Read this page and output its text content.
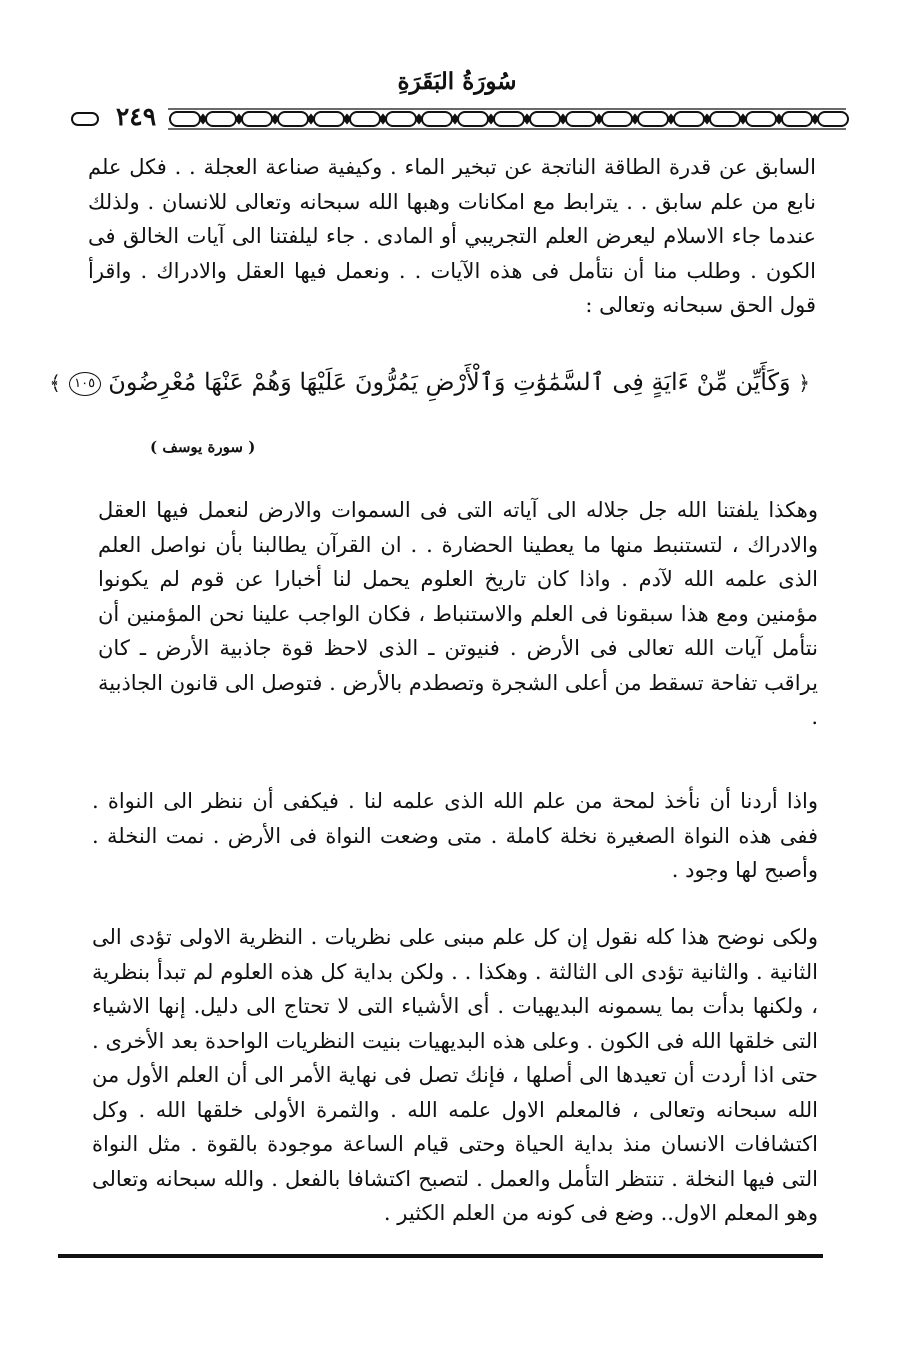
سُورَةُ البَقَرَةِ
٢٤٩

السابق عن قدرة الطاقة الناتجة عن تبخير الماء . وكيفية صناعة العجلة . . فكل علم نابع من علم سابق . . يترابط مع امكانات وهبها الله سبحانه وتعالى للانسان . ولذلك عندما جاء الاسلام ليعرض العلم التجريبي أو المادى . جاء ليلفتنا الى آيات الخالق فى الكون . وطلب منا أن نتأمل فى هذه الآيات . . ونعمل فيها العقل والادراك . واقرأ قول الحق سبحانه وتعالى :

﴿ وَكَأَيِّن مِّنْ ءَايَةٍ فِى ٱلسَّمَٰوَٰتِ وَٱلْأَرْضِ يَمُرُّونَ عَلَيْهَا وَهُمْ عَنْهَا مُعْرِضُونَ ١٠٥ ﴾
( سورة يوسف )

وهكذا يلفتنا الله جل جلاله الى آياته التى فى السموات والارض لنعمل فيها العقل والادراك ، لتستنبط منها ما يعطينا الحضارة . . ان القرآن يطالبنا بأن نواصل العلم الذى علمه الله لآدم . واذا كان تاريخ العلوم يحمل لنا أخبارا عن قوم لم يكونوا مؤمنين ومع هذا سبقونا فى العلم والاستنباط ، فكان الواجب علينا نحن المؤمنين أن نتأمل آيات الله تعالى فى الأرض . فنيوتن ـ الذى لاحظ قوة جاذبية الأرض ـ كان يراقب تفاحة تسقط من أعلى الشجرة وتصطدم بالأرض . فتوصل الى قانون الجاذبية .

واذا أردنا أن نأخذ لمحة من علم الله الذى علمه لنا . فيكفى أن ننظر الى النواة . ففى هذه النواة الصغيرة نخلة كاملة . متى وضعت النواة فى الأرض . نمت النخلة . وأصبح لها وجود .

ولكى نوضح هذا كله نقول إن كل علم مبنى على نظريات . النظرية الاولى تؤدى الى الثانية . والثانية تؤدى الى الثالثة . وهكذا . . ولكن بداية كل هذه العلوم لم تبدأ بنظرية ، ولكنها بدأت بما يسمونه البديهيات . أى الأشياء التى لا تحتاج الى دليل. إنها الاشياء التى خلقها الله فى الكون . وعلى هذه البديهيات بنيت النظريات الواحدة بعد الأخرى . حتى اذا أردت أن تعيدها الى أصلها ، فإنك تصل فى نهاية الأمر الى أن العلم الأول من الله سبحانه وتعالى ، فالمعلم الاول علمه الله . والثمرة الأولى خلقها الله . وكل اكتشافات الانسان منذ بداية الحياة وحتى قيام الساعة موجودة بالقوة . مثل النواة التى فيها النخلة . تنتظر التأمل والعمل . لتصبح اكتشافا بالفعل . والله سبحانه وتعالى وهو المعلم الاول.. وضع فى كونه من العلم الكثير .
